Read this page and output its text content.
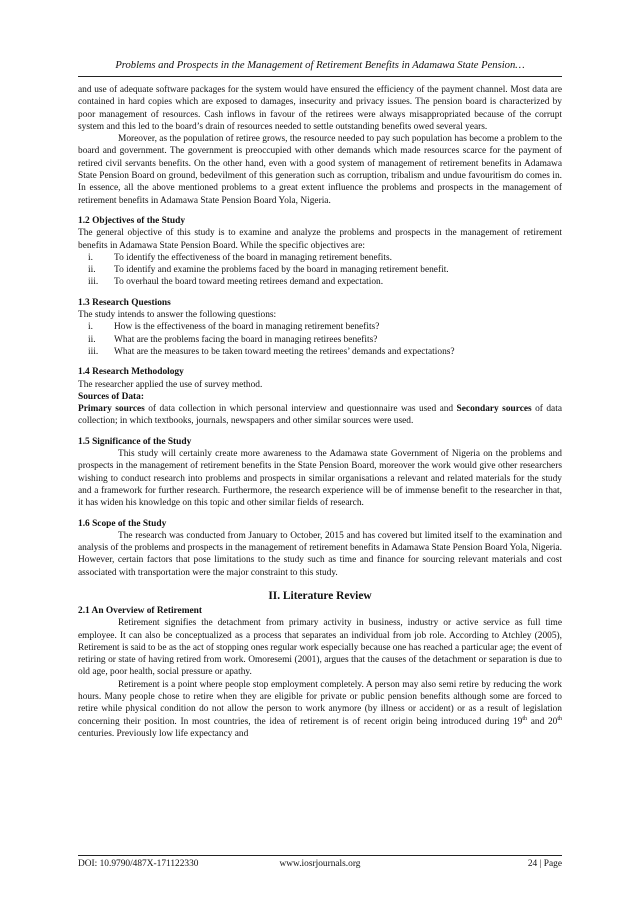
Problems and Prospects in the Management of Retirement Benefits in Adamawa State Pension…

and use of adequate software packages for the system would have ensured the efficiency of the payment channel. Most data are contained in hard copies which are exposed to damages, insecurity and privacy issues. The pension board is characterized by poor management of resources. Cash inflows in favour of the retirees were always misappropriated because of the corrupt system and this led to the board’s drain of resources needed to settle outstanding benefits owed several years.

Moreover, as the population of retiree grows, the resource needed to pay such population has become a problem to the board and government. The government is preoccupied with other demands which made resources scarce for the payment of retired civil servants benefits. On the other hand, even with a good system of management of retirement benefits in Adamawa State Pension Board on ground, bedevilment of this generation such as corruption, tribalism and undue favouritism do comes in. In essence, all the above mentioned problems to a great extent influence the problems and prospects in the management of retirement benefits in Adamawa State Pension Board Yola, Nigeria.

1.2 Objectives of the Study

The general objective of this study is to examine and analyze the problems and prospects in the management of retirement benefits in Adamawa State Pension Board. While the specific objectives are:

i.	To identify the effectiveness of the board in managing retirement benefits.
ii.	To identify and examine the problems faced by the board in managing retirement benefit.
iii.	To overhaul the board toward meeting retirees demand and expectation.
1.3 Research Questions

The study intends to answer the following questions:

i.	How is the effectiveness of the board in managing retirement benefits?
ii.	What are the problems facing the board in managing retirees benefits?
iii.	What are the measures to be taken toward meeting the retirees’ demands and expectations?
1.4 Research Methodology

The researcher applied the use of survey method.

Sources of Data:

Primary sources of data collection in which personal interview and questionnaire was used and Secondary sources of data collection; in which textbooks, journals, newspapers and other similar sources were used.

1.5 Significance of the Study

This study will certainly create more awareness to the Adamawa state Government of Nigeria on the problems and prospects in the management of retirement benefits in the State Pension Board, moreover the work would give other researchers wishing to conduct research into problems and prospects in similar organisations a relevant and related materials for the study and a framework for further research. Furthermore, the research experience will be of immense benefit to the researcher in that, it has widen his knowledge on this topic and other similar fields of research.

1.6 Scope of the Study

The research was conducted from January to October, 2015 and has covered but limited itself to the examination and analysis of the problems and prospects in the management of retirement benefits in Adamawa State Pension Board Yola, Nigeria. However, certain factors that pose limitations to the study such as time and finance for sourcing relevant materials and cost associated with transportation were the major constraint to this study.

II. Literature Review
2.1 An Overview of Retirement

Retirement signifies the detachment from primary activity in business, industry or active service as full time employee. It can also be conceptualized as a process that separates an individual from job role. According to Atchley (2005), Retirement is said to be as the act of stopping ones regular work especially because one has reached a particular age; the event of retiring or state of having retired from work. Omoresemi (2001), argues that the causes of the detachment or separation is due to old age, poor health, social pressure or apathy.

Retirement is a point where people stop employment completely. A person may also semi retire by reducing the work hours. Many people chose to retire when they are eligible for private or public pension benefits although some are forced to retire while physical condition do not allow the person to work anymore (by illness or accident) or as a result of legislation concerning their position. In most countries, the idea of retirement is of recent origin being introduced during 19th and 20th centuries. Previously low life expectancy and

DOI: 10.9790/487X-171122330	www.iosrjournals.org	24 | Page
